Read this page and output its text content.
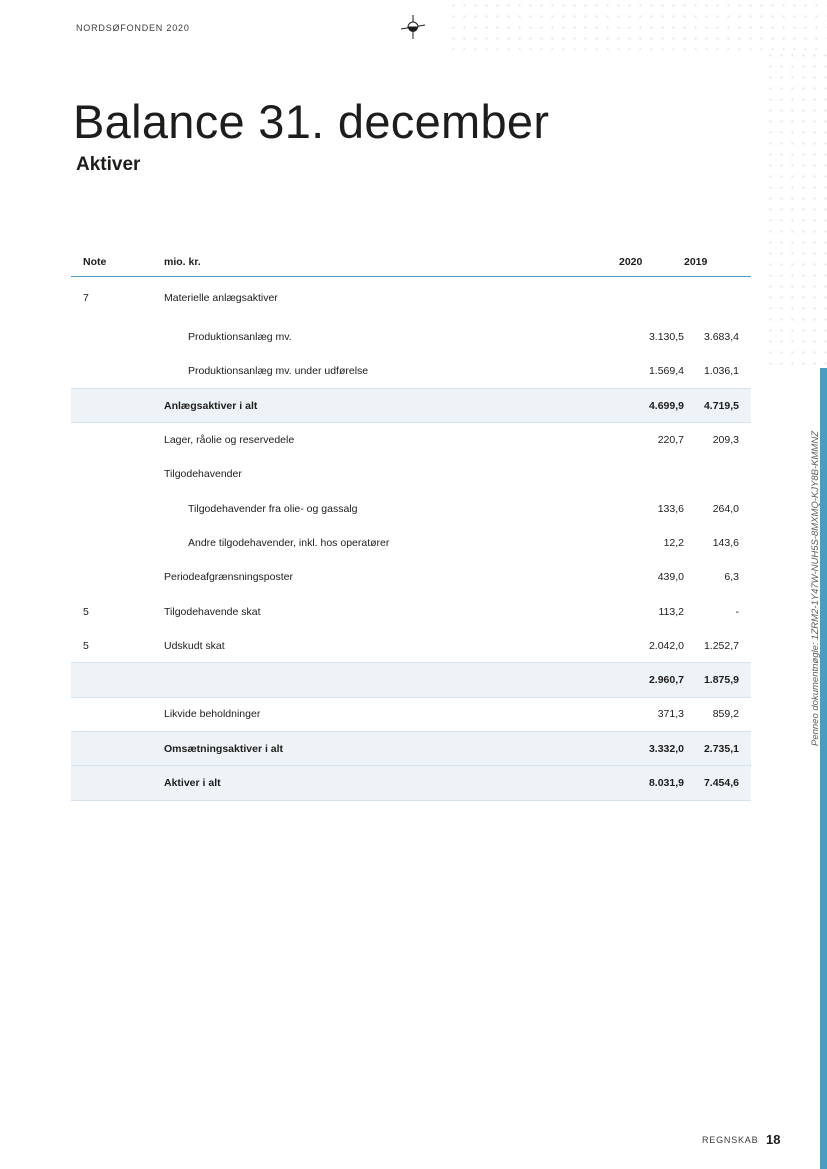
NORDSØFONDEN 2020
Balance 31. december
Aktiver
Note	mio. kr.	2020	2019
7	Materielle anlægsaktiver		
	Produktionsanlæg mv.	3.130,5	3.683,4
	Produktionsanlæg mv. under udførelse	1.569,4	1.036,1
	Anlægsaktiver i alt	4.699,9	4.719,5
	Lager, råolie og reservedele	220,7	209,3
	Tilgodehavender		
	Tilgodehavender fra olie- og gassalg	133,6	264,0
	Andre tilgodehavender, inkl. hos operatører	12,2	143,6
	Periodeafgrænsningsposter	439,0	6,3
5	Tilgodehavende skat	113,2	-
5	Udskudt skat	2.042,0	1.252,7
		2.960,7	1.875,9
	Likvide beholdninger	371,3	859,2
	Omsætningsaktiver i alt	3.332,0	2.735,1
	Aktiver i alt	8.031,9	7.454,6
Penneo dokumentnøgle: 1ZRM2-1Y47W-NUH5S-8MXMQ-KJY8B-KMMNZ
REGNSKAB 18
